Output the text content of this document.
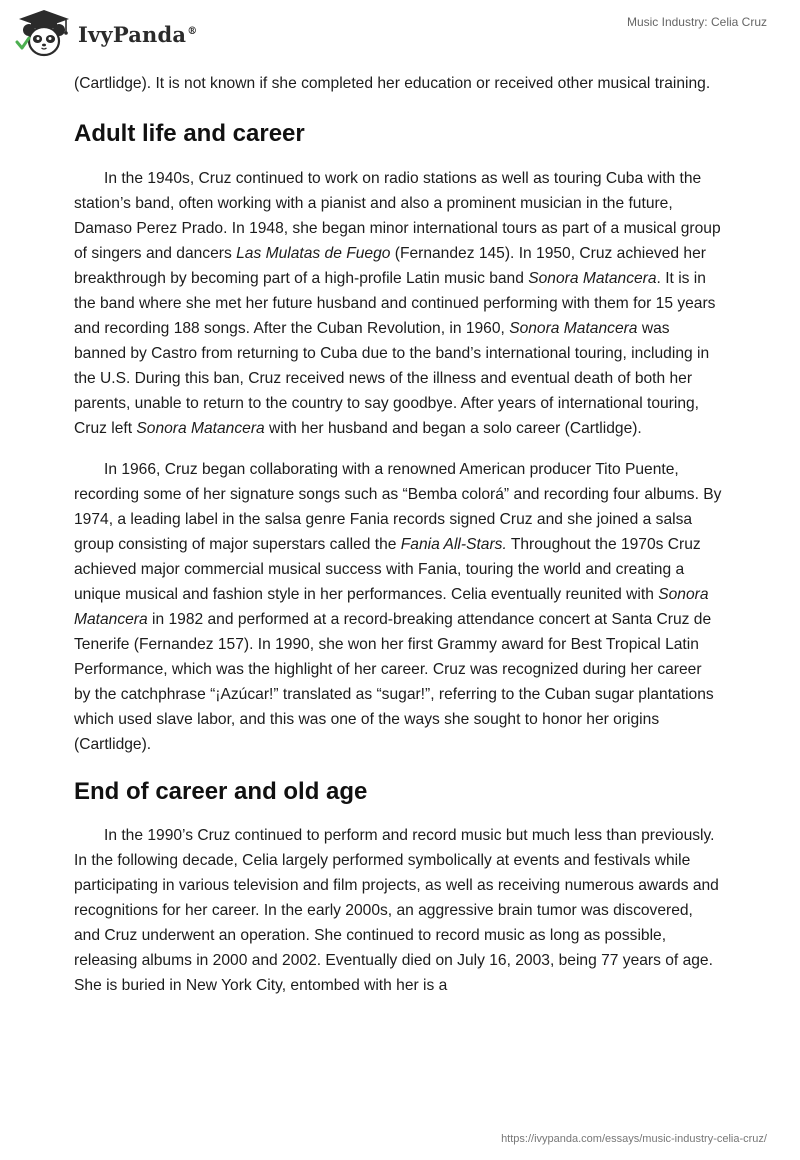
IvyPanda®
Music Industry: Celia Cruz

(Cartlidge). It is not known if she completed her education or received other musical training.

Adult life and career

In the 1940s, Cruz continued to work on radio stations as well as touring Cuba with the station’s band, often working with a pianist and also a prominent musician in the future, Damaso Perez Prado. In 1948, she began minor international tours as part of a musical group of singers and dancers Las Mulatas de Fuego (Fernandez 145). In 1950, Cruz achieved her breakthrough by becoming part of a high-profile Latin music band Sonora Matancera. It is in the band where she met her future husband and continued performing with them for 15 years and recording 188 songs. After the Cuban Revolution, in 1960, Sonora Matancera was banned by Castro from returning to Cuba due to the band’s international touring, including in the U.S. During this ban, Cruz received news of the illness and eventual death of both her parents, unable to return to the country to say goodbye. After years of international touring, Cruz left Sonora Matancera with her husband and began a solo career (Cartlidge).

In 1966, Cruz began collaborating with a renowned American producer Tito Puente, recording some of her signature songs such as “Bemba colorá” and recording four albums. By 1974, a leading label in the salsa genre Fania records signed Cruz and she joined a salsa group consisting of major superstars called the Fania All-Stars. Throughout the 1970s Cruz achieved major commercial musical success with Fania, touring the world and creating a unique musical and fashion style in her performances. Celia eventually reunited with Sonora Matancera in 1982 and performed at a record-breaking attendance concert at Santa Cruz de Tenerife (Fernandez 157). In 1990, she won her first Grammy award for Best Tropical Latin Performance, which was the highlight of her career. Cruz was recognized during her career by the catchphrase “¡Azúcar!” translated as “sugar!”, referring to the Cuban sugar plantations which used slave labor, and this was one of the ways she sought to honor her origins (Cartlidge).

End of career and old age

In the 1990’s Cruz continued to perform and record music but much less than previously. In the following decade, Celia largely performed symbolically at events and festivals while participating in various television and film projects, as well as receiving numerous awards and recognitions for her career. In the early 2000s, an aggressive brain tumor was discovered, and Cruz underwent an operation. She continued to record music as long as possible, releasing albums in 2000 and 2002. Eventually died on July 16, 2003, being 77 years of age. She is buried in New York City, entombed with her is a

https://ivypanda.com/essays/music-industry-celia-cruz/
